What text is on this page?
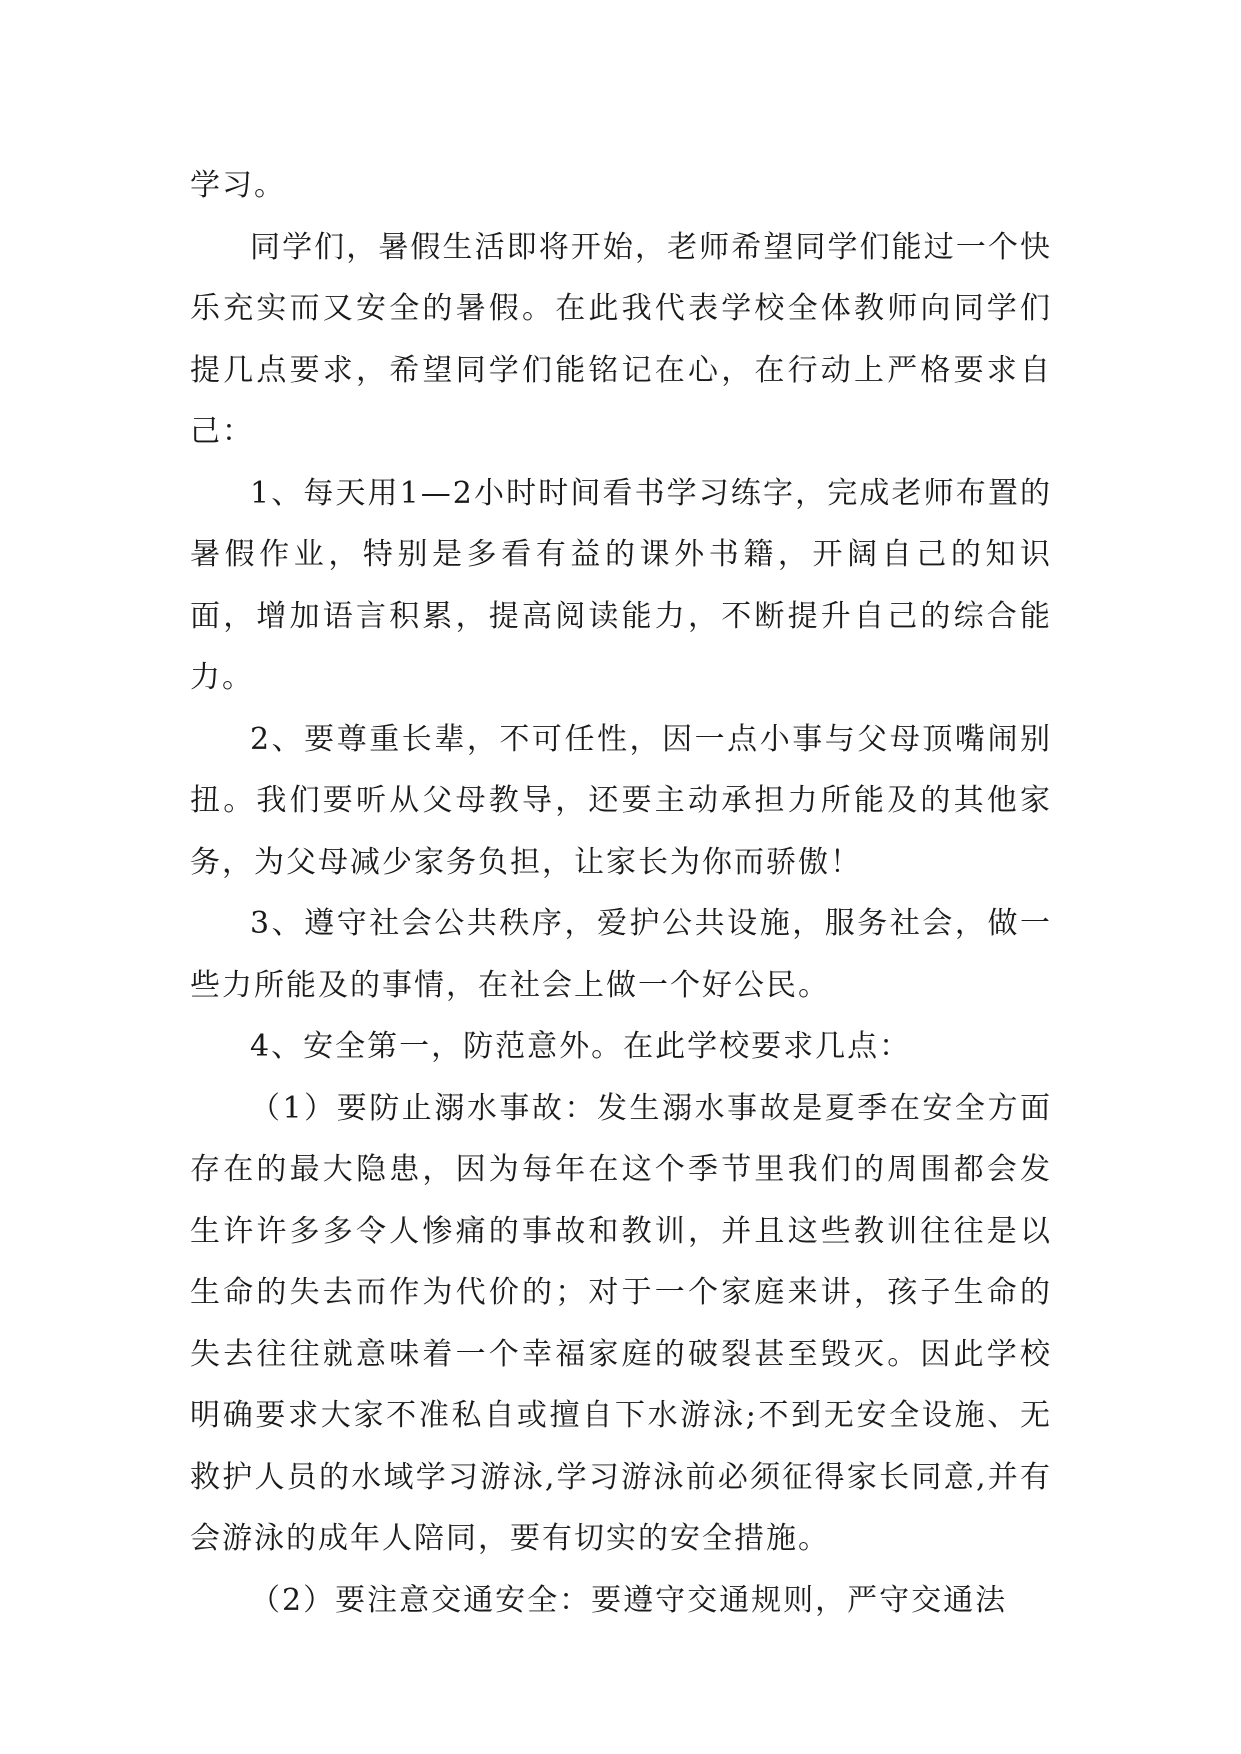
学习。

同学们，暑假生活即将开始，老师希望同学们能过一个快乐充实而又安全的暑假。在此我代表学校全体教师向同学们提几点要求，希望同学们能铭记在心，在行动上严格要求自己：

1、每天用1—2小时时间看书学习练字，完成老师布置的暑假作业，特别是多看有益的课外书籍，开阔自己的知识面，增加语言积累，提高阅读能力，不断提升自己的综合能力。

2、要尊重长辈，不可任性，因一点小事与父母顶嘴闹别扭。我们要听从父母教导，还要主动承担力所能及的其他家务，为父母减少家务负担，让家长为你而骄傲！

3、遵守社会公共秩序，爱护公共设施，服务社会，做一些力所能及的事情，在社会上做一个好公民。

4、安全第一，防范意外。在此学校要求几点：

（1）要防止溺水事故：发生溺水事故是夏季在安全方面存在的最大隐患，因为每年在这个季节里我们的周围都会发生许许多多令人惨痛的事故和教训，并且这些教训往往是以生命的失去而作为代价的；对于一个家庭来讲，孩子生命的失去往往就意味着一个幸福家庭的破裂甚至毁灭。因此学校明确要求大家不准私自或擅自下水游泳;不到无安全设施、无救护人员的水域学习游泳,学习游泳前必须征得家长同意,并有会游泳的成年人陪同，要有切实的安全措施。

（2）要注意交通安全：要遵守交通规则，严守交通法
